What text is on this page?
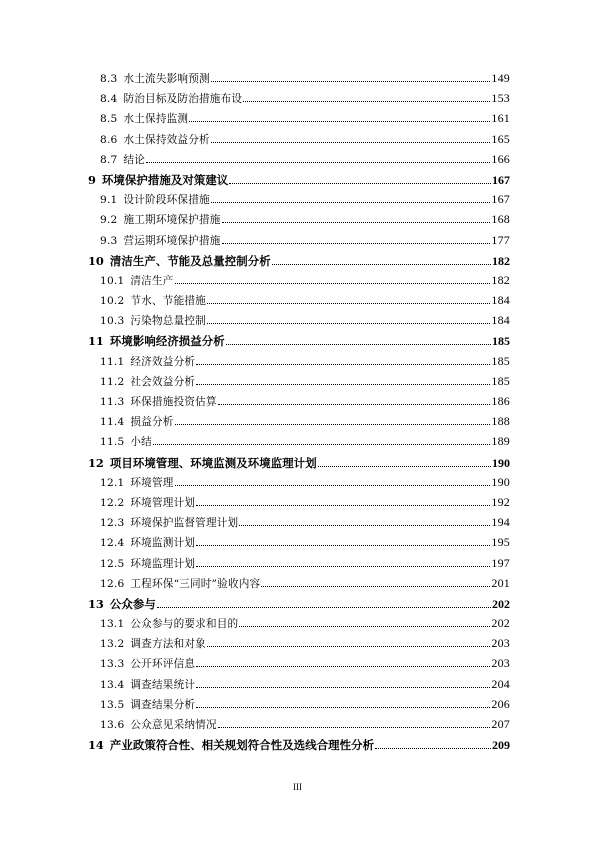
8.3 水土流失影响预测	149
8.4 防治目标及防治措施布设	153
8.5 水土保持监测	161
8.6 水土保持效益分析	165
8.7 结论	166
9 环境保护措施及对策建议	167
9.1 设计阶段环保措施	167
9.2 施工期环境保护措施	168
9.3 营运期环境保护措施	177
10 清洁生产、节能及总量控制分析	182
10.1 清洁生产	182
10.2 节水、节能措施	184
10.3 污染物总量控制	184
11 环境影响经济损益分析	185
11.1 经济效益分析	185
11.2 社会效益分析	185
11.3 环保措施投资估算	186
11.4 损益分析	188
11.5 小结	189
12 项目环境管理、环境监测及环境监理计划	190
12.1 环境管理	190
12.2 环境管理计划	192
12.3 环境保护监督管理计划	194
12.4 环境监测计划	195
12.5 环境监理计划	197
12.6 工程环保“三同时”验收内容	201
13 公众参与	202
13.1 公众参与的要求和目的	202
13.2 调查方法和对象	203
13.3 公开环评信息	203
13.4 调查结果统计	204
13.5 调查结果分析	206
13.6 公众意见采纳情况	207
14 产业政策符合性、相关规划符合性及选线合理性分析	209
III
